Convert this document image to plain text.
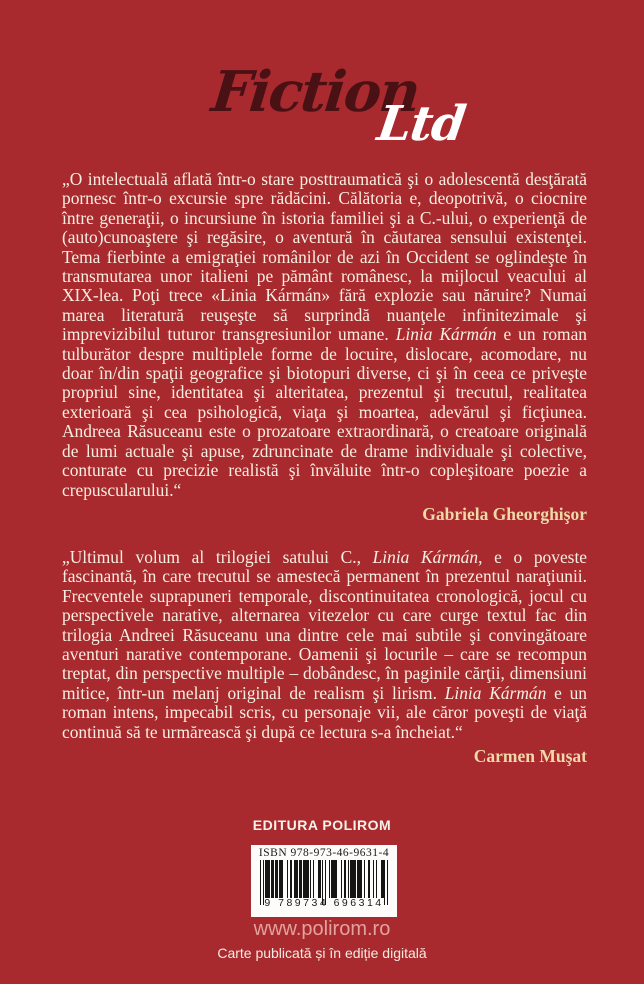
Fiction
Ltd

„O intelectuală aflată într-o stare posttraumatică şi o adolescentă desţărată pornesc într-o excursie spre rădăcini. Călătoria e, deopotrivă, o ciocnire între generaţii, o incursiune în istoria familiei şi a C.-ului, o experienţă de (auto)cunoaştere şi regăsire, o aventură în căutarea sensului existenţei. Tema fierbinte a emigraţiei românilor de azi în Occident se oglindeşte în transmutarea unor italieni pe pământ românesc, la mijlocul veacului al XIX-lea. Poţi trece «Linia Kármán» fără explozie sau năruire? Numai marea literatură reuşeşte să surprindă nuanţele infinitezimale şi imprevizibilul tuturor transgresiunilor umane. Linia Kármán e un roman tulburător despre multiplele forme de locuire, dislocare, acomodare, nu doar în/din spaţii geografice şi biotopuri diverse, ci şi în ceea ce priveşte propriul sine, identitatea şi alteritatea, prezentul şi trecutul, realitatea exterioară şi cea psihologică, viaţa şi moartea, adevărul şi ficţiunea. Andreea Răsuceanu este o prozatoare extraordinară, o creatoare originală de lumi actuale şi apuse, zdruncinate de drame individuale şi colective, conturate cu precizie realistă şi învăluite într-o copleşitoare poezie a crepuscularului.“

Gabriela Gheorghişor

„Ultimul volum al trilogiei satului C., Linia Kármán, e o poveste fascinantă, în care trecutul se amestecă permanent în prezentul naraţiunii. Frecventele suprapuneri temporale, discontinuitatea cronologică, jocul cu perspectivele narative, alternarea vitezelor cu care curge textul fac din trilogia Andreei Răsuceanu una dintre cele mai subtile şi convingătoare aventuri narative contemporane. Oamenii şi locurile – care se recompun treptat, din perspective multiple – dobândesc, în paginile cărţii, dimensiuni mitice, într-un melanj original de realism şi lirism. Linia Kármán e un roman intens, impecabil scris, cu personaje vii, ale căror poveşti de viaţă continuă să te urmărească şi după ce lectura s-a încheiat.“

Carmen Muşat

EDITURA POLIROM
ISBN 978-973-46-9631-4
9 789734 696314
www.polirom.ro
Carte publicată și în ediție digitală
